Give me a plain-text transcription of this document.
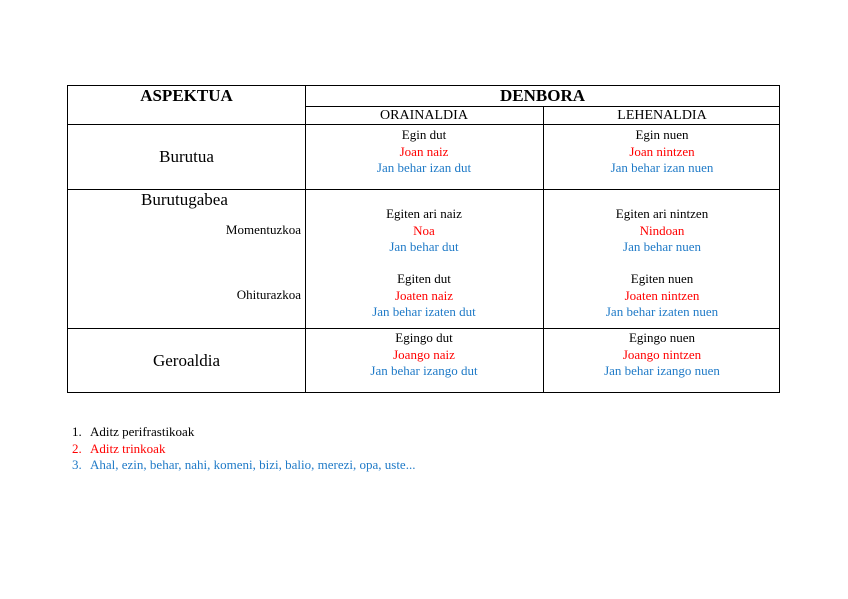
ASPEKTUA	DENBORA
ORAINALDIA	LEHENALDIA
Burutua
Egin dut
Joan naiz
Jan behar izan dut
Egin nuen
Joan nintzen
Jan behar izan nuen
Burutugabea
Momentuzkoa
Ohiturazkoa
Egiten ari naiz
Noa
Jan behar dut
Egiten ari nintzen
Nindoan
Jan behar nuen
Egiten dut
Joaten naiz
Jan behar izaten dut
Egiten nuen
Joaten nintzen
Jan behar izaten nuen
Geroaldia
Egingo dut
Joango naiz
Jan behar izango dut
Egingo nuen
Joango nintzen
Jan behar izango nuen
1. Aditz perifrastikoak
2. Aditz trinkoak
3. Ahal, ezin, behar, nahi, komeni, bizi, balio, merezi, opa, uste...
